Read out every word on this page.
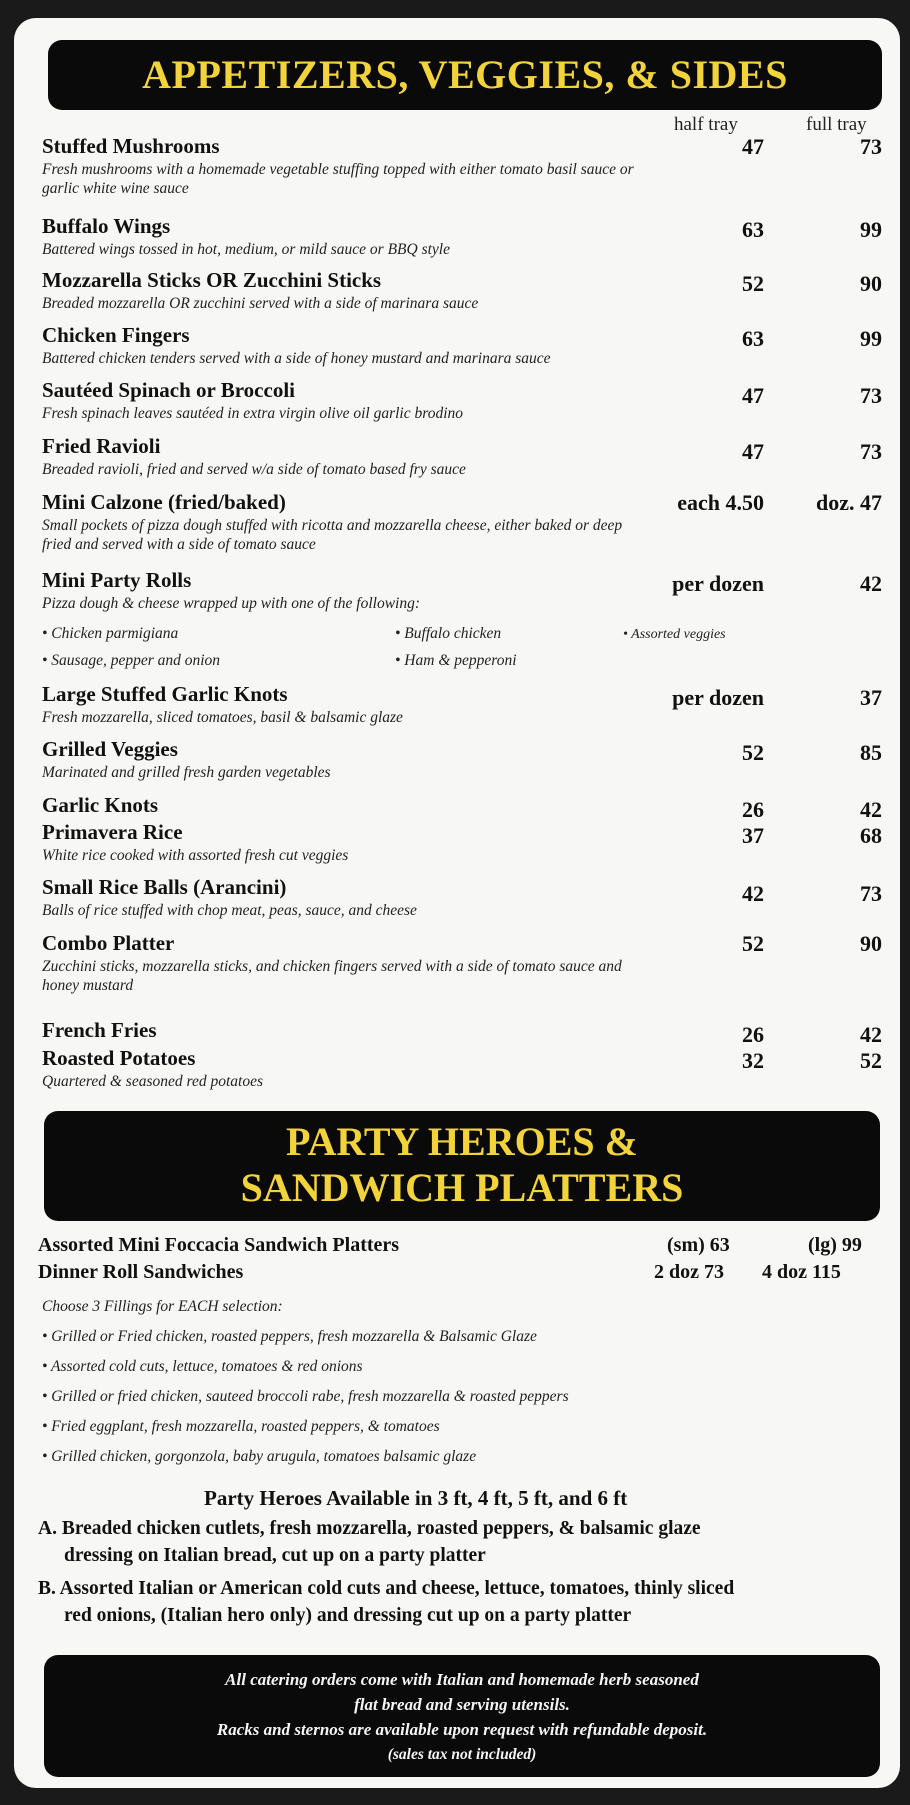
APPETIZERS, VEGGIES, & SIDES
half tray	full tray
Stuffed Mushrooms
Fresh mushrooms with a homemade vegetable stuffing topped with either tomato basil sauce or garlic white wine sauce
47	73
Buffalo Wings
Battered wings tossed in hot, medium, or mild sauce or BBQ style
63	99
Mozzarella Sticks OR Zucchini Sticks
Breaded mozzarella OR zucchini served with a side of marinara sauce
52	90
Chicken Fingers
Battered chicken tenders served with a side of honey mustard and marinara sauce
63	99
Sautéed Spinach or Broccoli
Fresh spinach leaves sautéed in extra virgin olive oil garlic brodino
47	73
Fried Ravioli
Breaded ravioli, fried and served w/a side of tomato based fry sauce
47	73
Mini Calzone (fried/baked)
Small pockets of pizza dough stuffed with ricotta and mozzarella cheese, either baked or deep fried and served with a side of tomato sauce
each 4.50 doz. 47
Mini Party Rolls
Pizza dough & cheese wrapped up with one of the following:
per dozen	42
• Chicken parmigiana	• Buffalo chicken	• Assorted veggies
• Sausage, pepper and onion	• Ham & pepperoni
Large Stuffed Garlic Knots
Fresh mozzarella, sliced tomatoes, basil & balsamic glaze
per dozen	37
Grilled Veggies
Marinated and grilled fresh garden vegetables
52	85
Garlic Knots	26	42
Primavera Rice
White rice cooked with assorted fresh cut veggies
37	68
Small Rice Balls (Arancini)
Balls of rice stuffed with chop meat, peas, sauce, and cheese
42	73
Combo Platter
Zucchini sticks, mozzarella sticks, and chicken fingers served with a side of tomato sauce and honey mustard
52	90
French Fries	26	42
Roasted Potatoes
Quartered & seasoned red potatoes
32	52
PARTY HEROES &
SANDWICH PLATTERS
Assorted Mini Foccacia Sandwich Platters	(sm) 63	(lg) 99
Dinner Roll Sandwiches	2 doz 73 4 doz 115
Choose 3 Fillings for EACH selection:
• Grilled or Fried chicken, roasted peppers, fresh mozzarella & Balsamic Glaze
• Assorted cold cuts, lettuce, tomatoes & red onions
• Grilled or fried chicken, sauteed broccoli rabe, fresh mozzarella & roasted peppers
• Fried eggplant, fresh mozzarella, roasted peppers, & tomatoes
• Grilled chicken, gorgonzola, baby arugula, tomatoes balsamic glaze
Party Heroes Available in 3 ft, 4 ft, 5 ft, and 6 ft
A. Breaded chicken cutlets, fresh mozzarella, roasted peppers, & balsamic glaze
dressing on Italian bread, cut up on a party platter
B. Assorted Italian or American cold cuts and cheese, lettuce, tomatoes, thinly sliced
red onions, (Italian hero only) and dressing cut up on a party platter
All catering orders come with Italian and homemade herb seasoned
flat bread and serving utensils.
Racks and sternos are available upon request with refundable deposit.
(sales tax not included)
